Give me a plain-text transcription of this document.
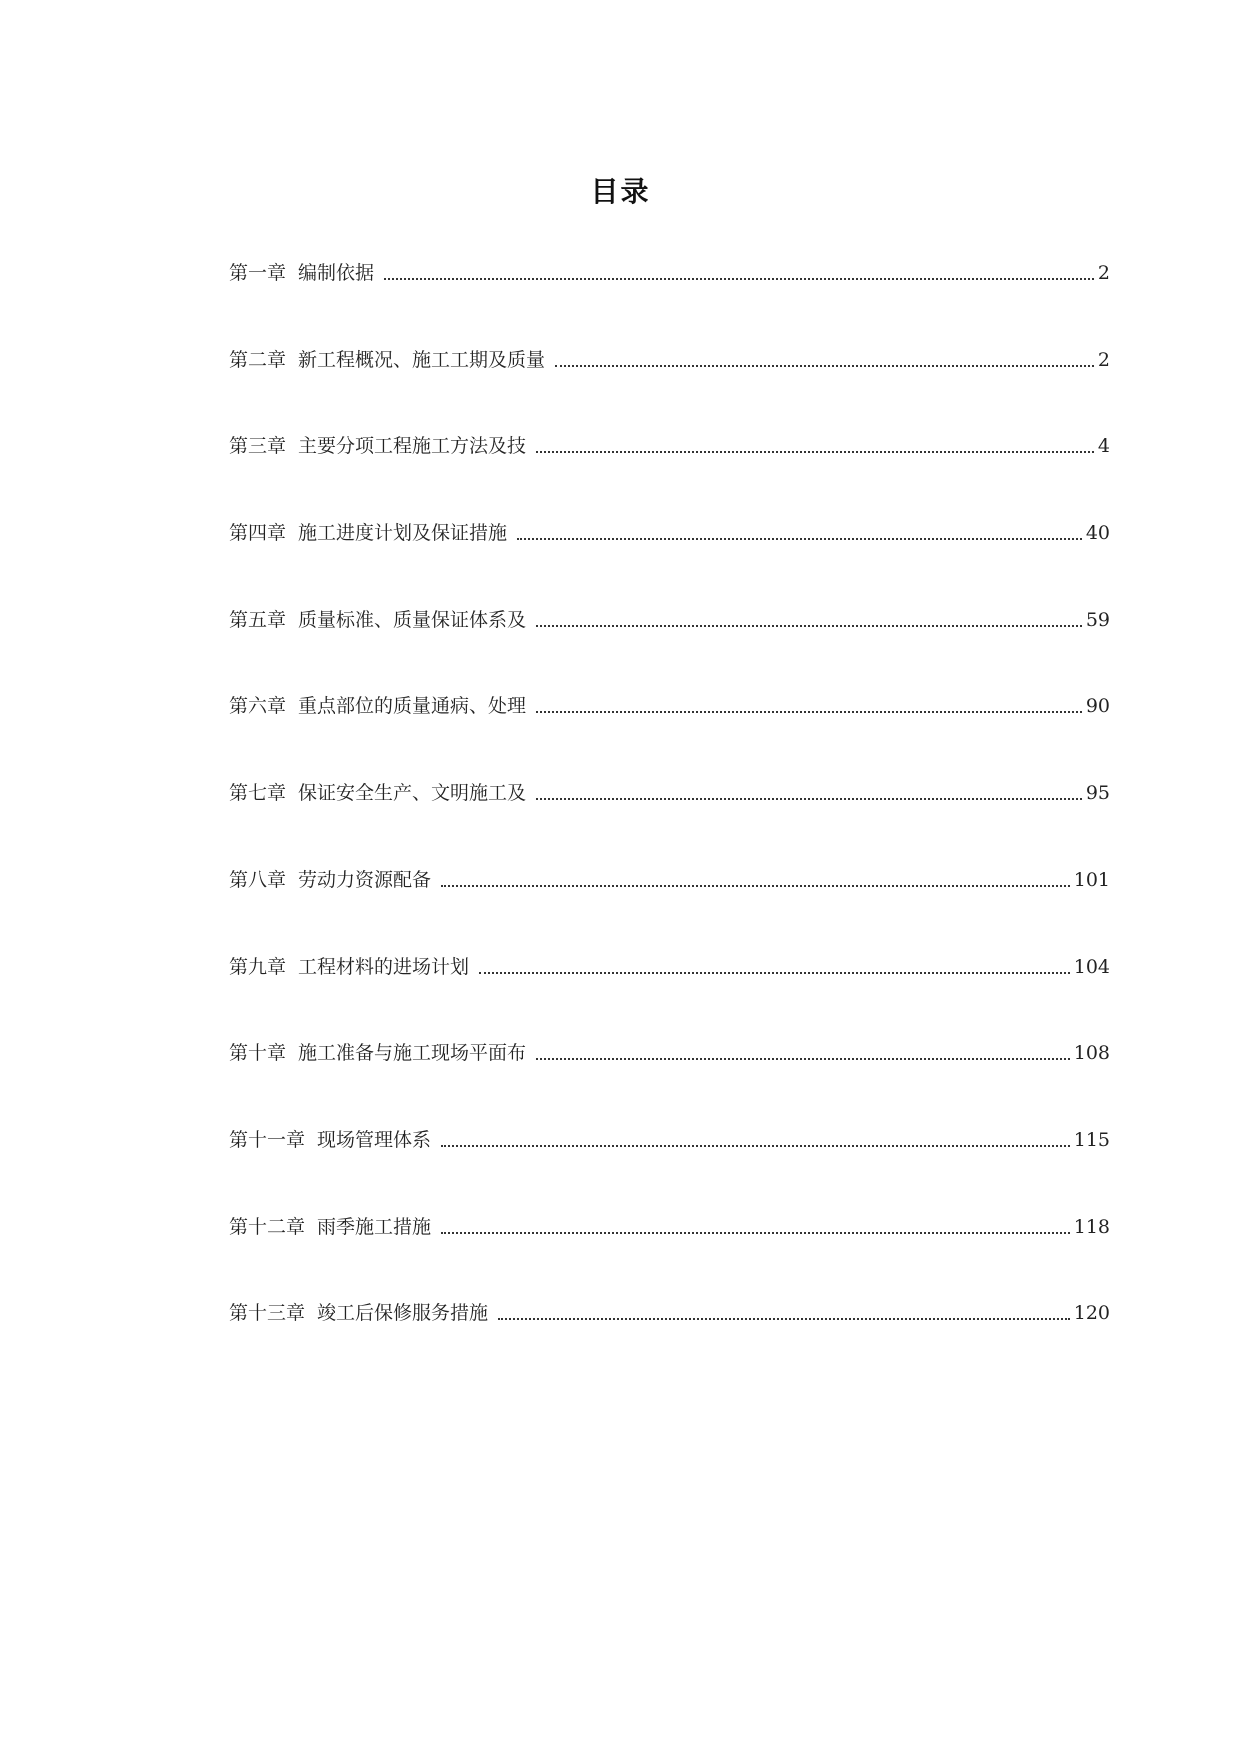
目录
第一章 编制依据	2
第二章 新工程概况、施工工期及质量	2
第三章 主要分项工程施工方法及技	4
第四章 施工进度计划及保证措施	40
第五章 质量标准、质量保证体系及	59
第六章 重点部位的质量通病、处理	90
第七章 保证安全生产、文明施工及	95
第八章 劳动力资源配备	101
第九章 工程材料的进场计划	104
第十章 施工准备与施工现场平面布	108
第十一章 现场管理体系	115
第十二章 雨季施工措施	118
第十三章 竣工后保修服务措施	120
